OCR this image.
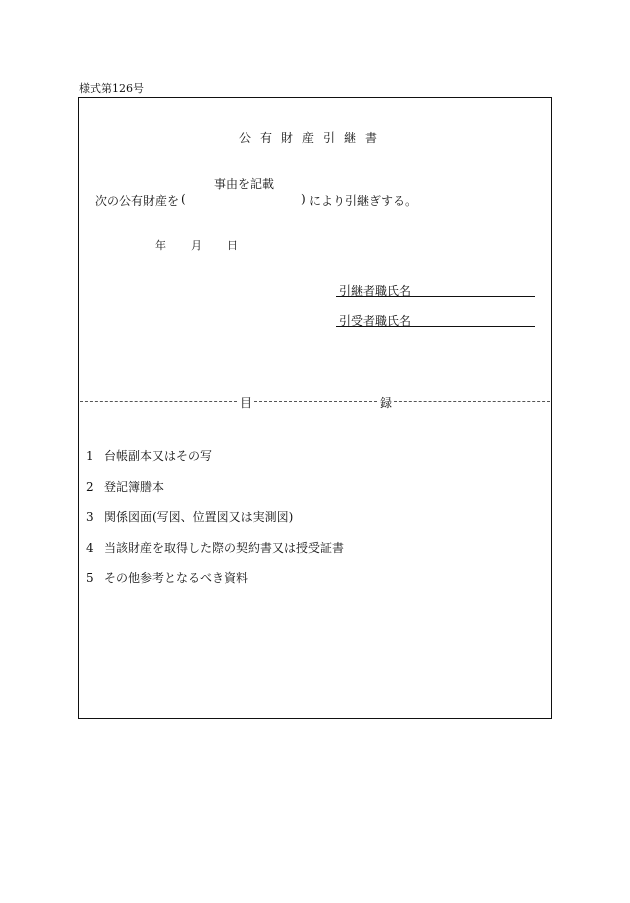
様式第126号
公有財産引継書
事由を記載
次の公有財産を (	) により引継ぎする。
年 月 日
引継者職氏名
引受者職氏名
目	録
1 台帳副本又はその写
2 登記簿謄本
3 関係図面(写図、位置図又は実測図)
4 当該財産を取得した際の契約書又は授受証書
5 その他参考となるべき資料
